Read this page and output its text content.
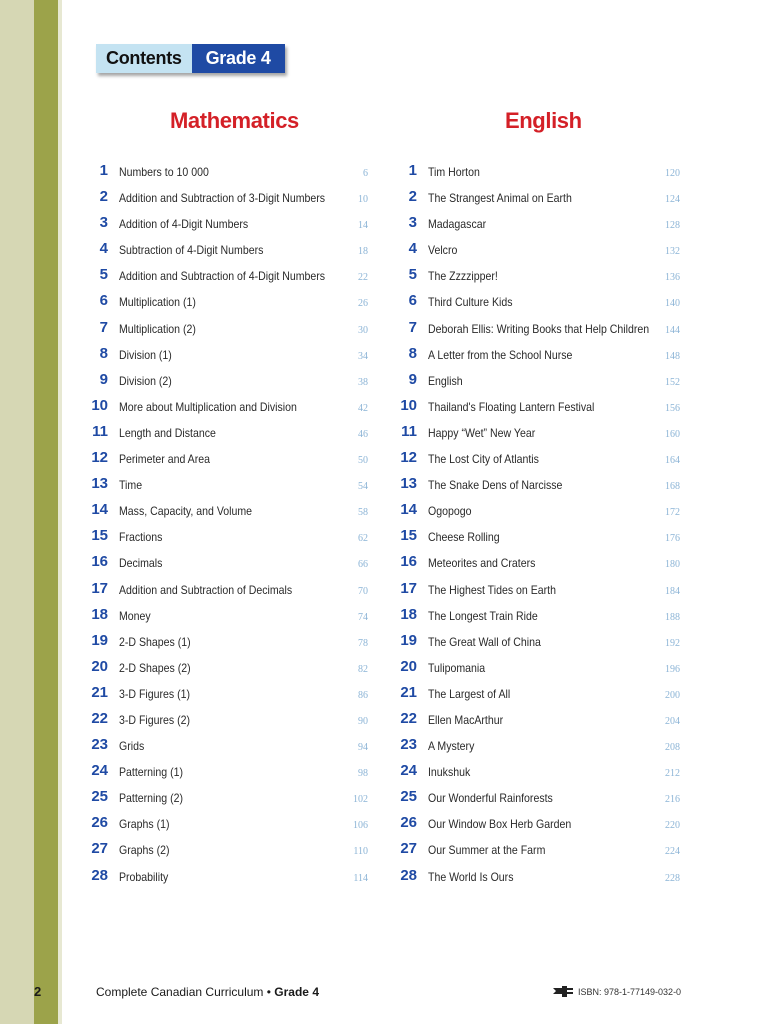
2
Contents	Grade 4
Mathematics	English
1 Numbers to 10 000	6
2 Addition and Subtraction of 3-Digit Numbers	10
3 Addition of 4-Digit Numbers	14
4 Subtraction of 4-Digit Numbers	18
5 Addition and Subtraction of 4-Digit Numbers	22
6 Multiplication (1)	26
7 Multiplication (2)	30
8 Division (1)	34
9 Division (2)	38
10 More about Multiplication and Division	42
11 Length and Distance	46
12 Perimeter and Area	50
13 Time	54
14 Mass, Capacity, and Volume	58
15 Fractions	62
16 Decimals	66
17 Addition and Subtraction of Decimals	70
18 Money	74
19 2-D Shapes (1)	78
20 2-D Shapes (2)	82
21 3-D Figures (1)	86
22 3-D Figures (2)	90
23 Grids	94
24 Patterning (1)	98
25 Patterning (2)	102
26 Graphs (1)	106
27 Graphs (2)	110
28 Probability	114
1 Tim Horton	120
2 The Strangest Animal on Earth	124
3 Madagascar	128
4 Velcro	132
5 The Zzzzipper!	136
6 Third Culture Kids	140
7 Deborah Ellis: Writing Books that Help Children 144
8 A Letter from the School Nurse	148
9 English	152
10 Thailand's Floating Lantern Festival	156
11 Happy “Wet” New Year	160
12 The Lost City of Atlantis	164
13 The Snake Dens of Narcisse	168
14 Ogopogo	172
15 Cheese Rolling	176
16 Meteorites and Craters	180
17 The Highest Tides on Earth	184
18 The Longest Train Ride	188
19 The Great Wall of China	192
20 Tulipomania	196
21 The Largest of All	200
22 Ellen MacArthur	204
23 A Mystery	208
24 Inukshuk	212
25 Our Wonderful Rainforests	216
26 Our Window Box Herb Garden	220
27 Our Summer at the Farm	224
28 The World Is Ours	228
Complete Canadian Curriculum • Grade 4	ISBN: 978-1-77149-032-0
